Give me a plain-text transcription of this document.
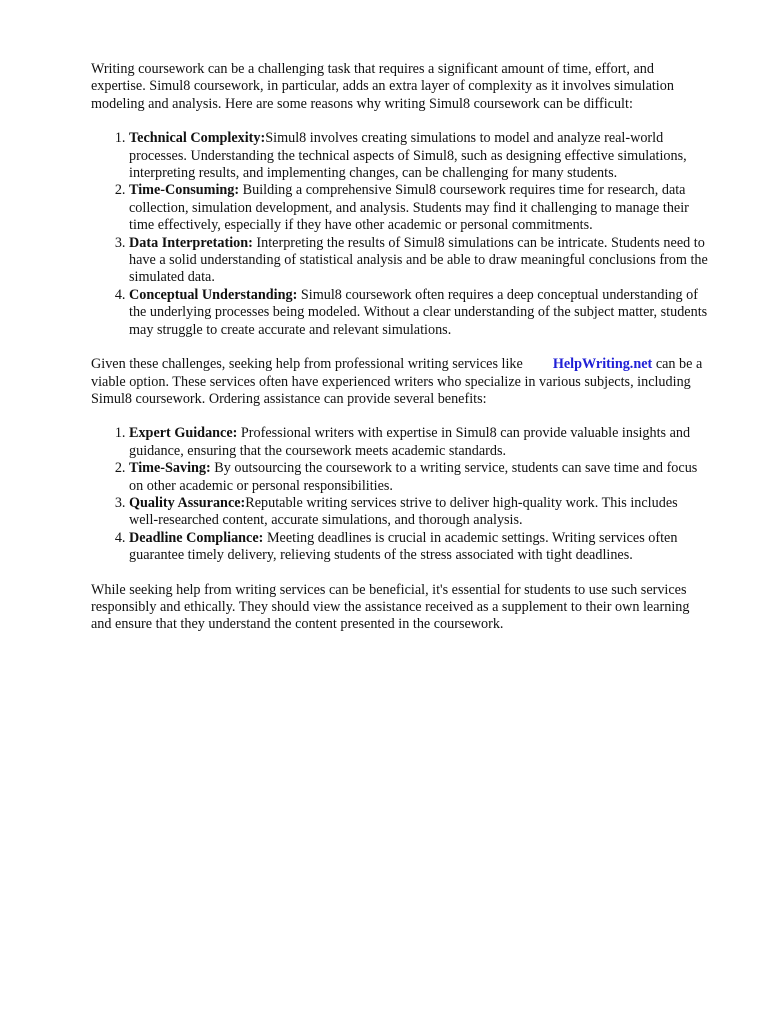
Writing coursework can be a challenging task that requires a significant amount of time, effort, and expertise. Simul8 coursework, in particular, adds an extra layer of complexity as it involves simulation modeling and analysis. Here are some reasons why writing Simul8 coursework can be difficult:

1. Technical Complexity:Simul8 involves creating simulations to model and analyze real-world processes. Understanding the technical aspects of Simul8, such as designing effective simulations, interpreting results, and implementing changes, can be challenging for many students.
2. Time-Consuming: Building a comprehensive Simul8 coursework requires time for research, data collection, simulation development, and analysis. Students may find it challenging to manage their time effectively, especially if they have other academic or personal commitments.
3. Data Interpretation: Interpreting the results of Simul8 simulations can be intricate. Students need to have a solid understanding of statistical analysis and be able to draw meaningful conclusions from the simulated data.
4. Conceptual Understanding: Simul8 coursework often requires a deep conceptual understanding of the underlying processes being modeled. Without a clear understanding of the subject matter, students may struggle to create accurate and relevant simulations.

Given these challenges, seeking help from professional writing services like HelpWriting.net can be a viable option. These services often have experienced writers who specialize in various subjects, including Simul8 coursework. Ordering assistance can provide several benefits:

1. Expert Guidance: Professional writers with expertise in Simul8 can provide valuable insights and guidance, ensuring that the coursework meets academic standards.
2. Time-Saving: By outsourcing the coursework to a writing service, students can save time and focus on other academic or personal responsibilities.
3. Quality Assurance:Reputable writing services strive to deliver high-quality work. This includes well-researched content, accurate simulations, and thorough analysis.
4. Deadline Compliance: Meeting deadlines is crucial in academic settings. Writing services often guarantee timely delivery, relieving students of the stress associated with tight deadlines.

While seeking help from writing services can be beneficial, it's essential for students to use such services responsibly and ethically. They should view the assistance received as a supplement to their own learning and ensure that they understand the content presented in the coursework.
